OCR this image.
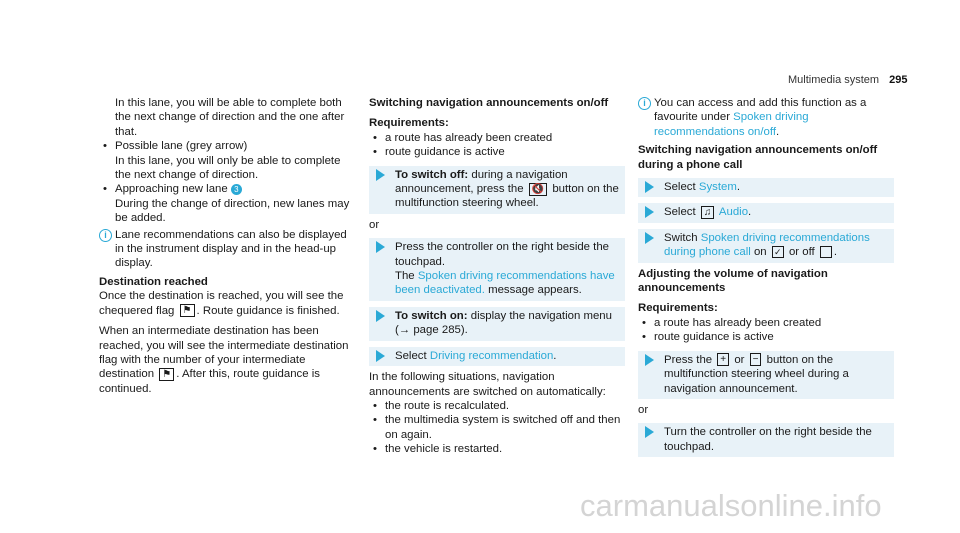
Multimedia system 295

In this lane, you will be able to complete both the next change of direction and the one after that.

• Possible lane (grey arrow)

In this lane, you will only be able to complete the next change of direction.

• Approaching new lane 3

During the change of direction, new lanes may be added.

i Lane recommendations can also be displayed in the instrument display and in the head-up display.

Destination reached

Once the destination is reached, you will see the chequered flag ⚑ . Route guidance is finished.

When an intermediate destination has been reached, you will see the intermediate destination flag with the number of your intermediate destination ⚑ . After this, route guidance is continued.

Switching navigation announcements on/off

Requirements:

• a route has already been created

• route guidance is active

To switch off: during a navigation announcement, press the 🔇 button on the multifunction steering wheel.

or

Press the controller on the right beside the touchpad.
The Spoken driving recommendations have been deactivated. message appears.
To switch on: display the navigation menu (→ page 285).
Select Driving recommendation.

In the following situations, navigation announcements are switched on automatically:

• the route is recalculated.

• the multimedia system is switched off and then on again.

• the vehicle is restarted.

i You can access and add this function as a favourite under Spoken driving recommendations on/off.

Switching navigation announcements on/off during a phone call

Select System.
Select ♫ Audio.
Switch Spoken driving recommendations during phone call on ✓ or off .

Adjusting the volume of navigation announcements

Requirements:

• a route has already been created

• route guidance is active

Press the + or − button on the multifunction steering wheel during a navigation announcement.

or

Turn the controller on the right beside the touchpad.
carmanualsonline.info
